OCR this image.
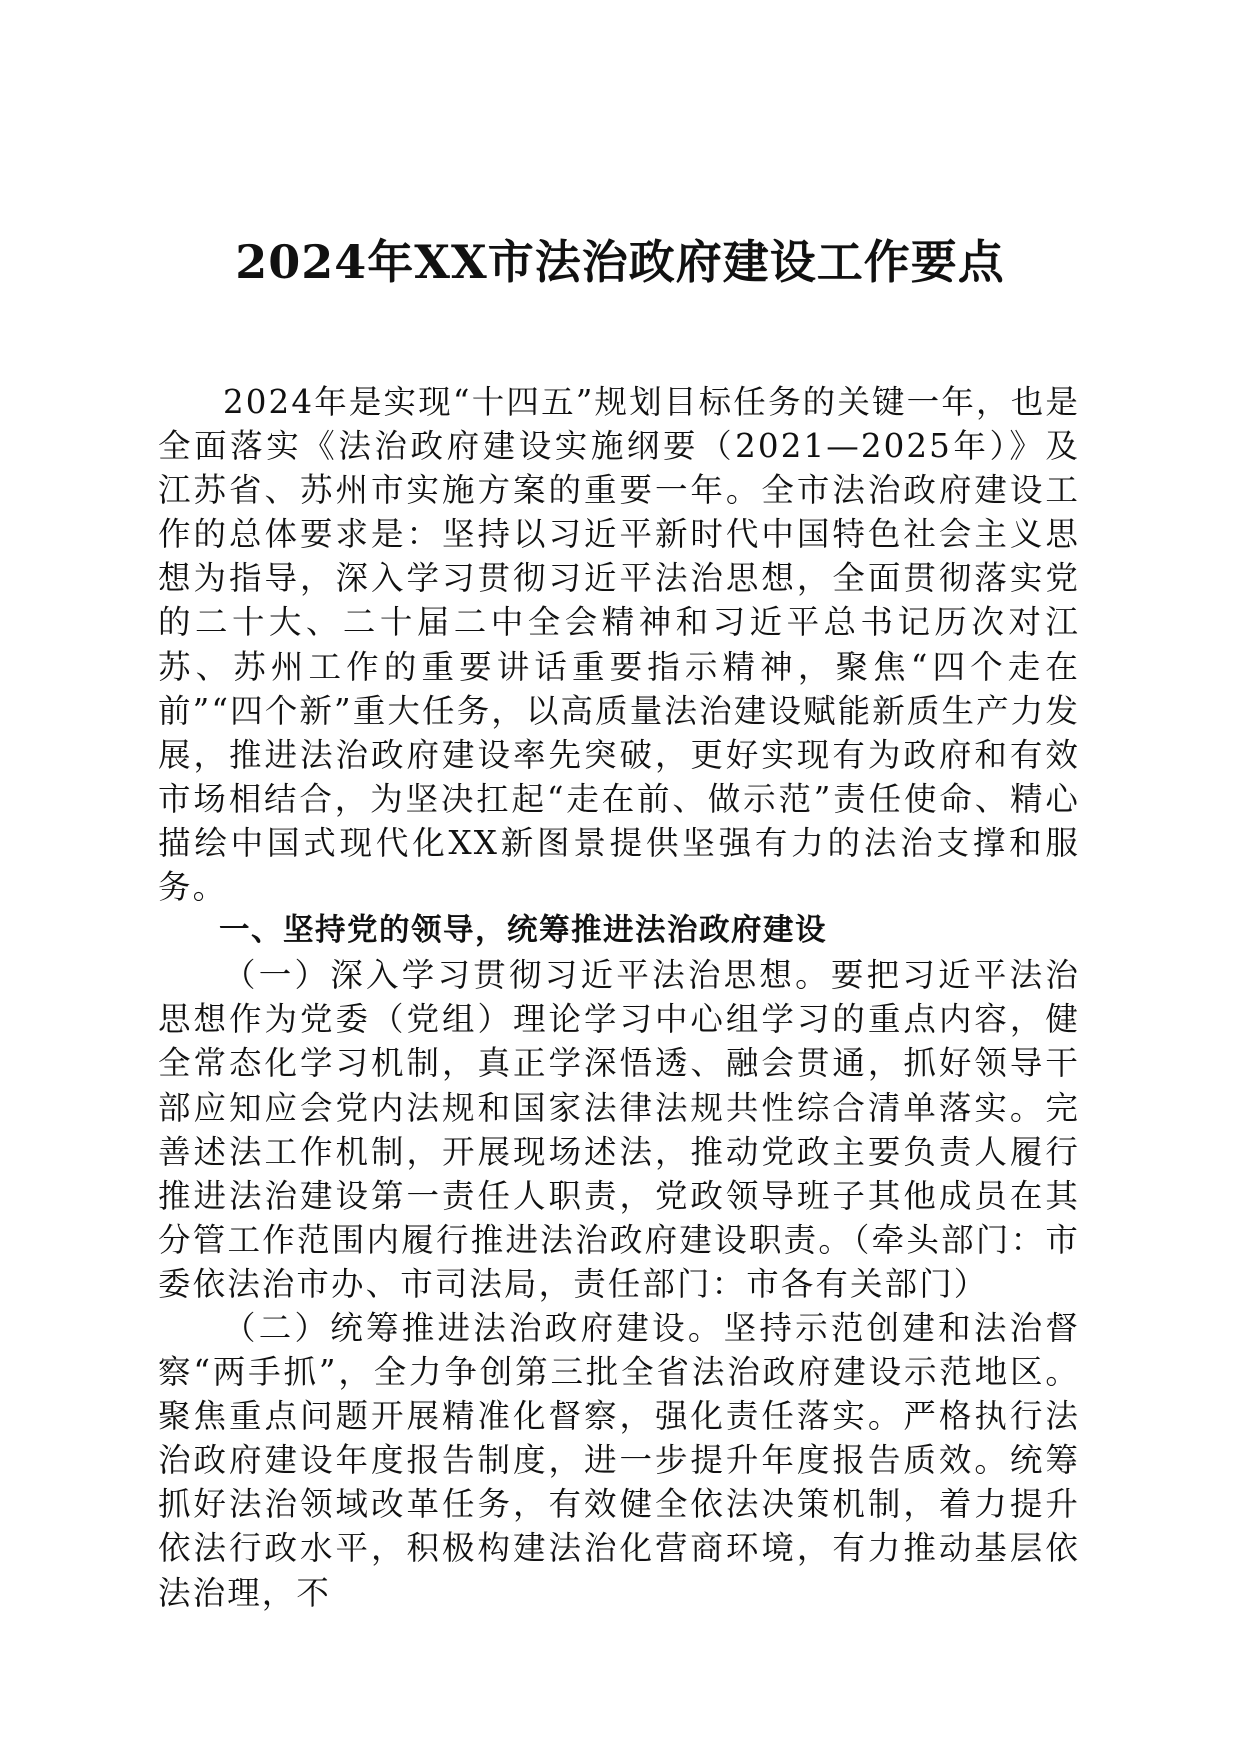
2024年XX市法治政府建设工作要点

2024年是实现“十四五”规划目标任务的关键一年，也是全面落实《法治政府建设实施纲要（2021—2025年）》及江苏省、苏州市实施方案的重要一年。全市法治政府建设工作的总体要求是：坚持以习近平新时代中国特色社会主义思想为指导，深入学习贯彻习近平法治思想，全面贯彻落实党的二十大、二十届二中全会精神和习近平总书记历次对江苏、苏州工作的重要讲话重要指示精神，聚焦“四个走在前”“四个新”重大任务，以高质量法治建设赋能新质生产力发展，推进法治政府建设率先突破，更好实现有为政府和有效市场相结合，为坚决扛起“走在前、做示范”责任使命、精心描绘中国式现代化XX新图景提供坚强有力的法治支撑和服务。

一、坚持党的领导，统筹推进法治政府建设

（一）深入学习贯彻习近平法治思想。要把习近平法治思想作为党委（党组）理论学习中心组学习的重点内容，健全常态化学习机制，真正学深悟透、融会贯通，抓好领导干部应知应会党内法规和国家法律法规共性综合清单落实。完善述法工作机制，开展现场述法，推动党政主要负责人履行推进法治建设第一责任人职责，党政领导班子其他成员在其分管工作范围内履行推进法治政府建设职责。（牵头部门：市委依法治市办、市司法局，责任部门：市各有关部门）

（二）统筹推进法治政府建设。坚持示范创建和法治督察“两手抓”，全力争创第三批全省法治政府建设示范地区。聚焦重点问题开展精准化督察，强化责任落实。严格执行法治政府建设年度报告制度，进一步提升年度报告质效。统筹抓好法治领域改革任务，有效健全依法决策机制，着力提升依法行政水平，积极构建法治化营商环境，有力推动基层依法治理，不
